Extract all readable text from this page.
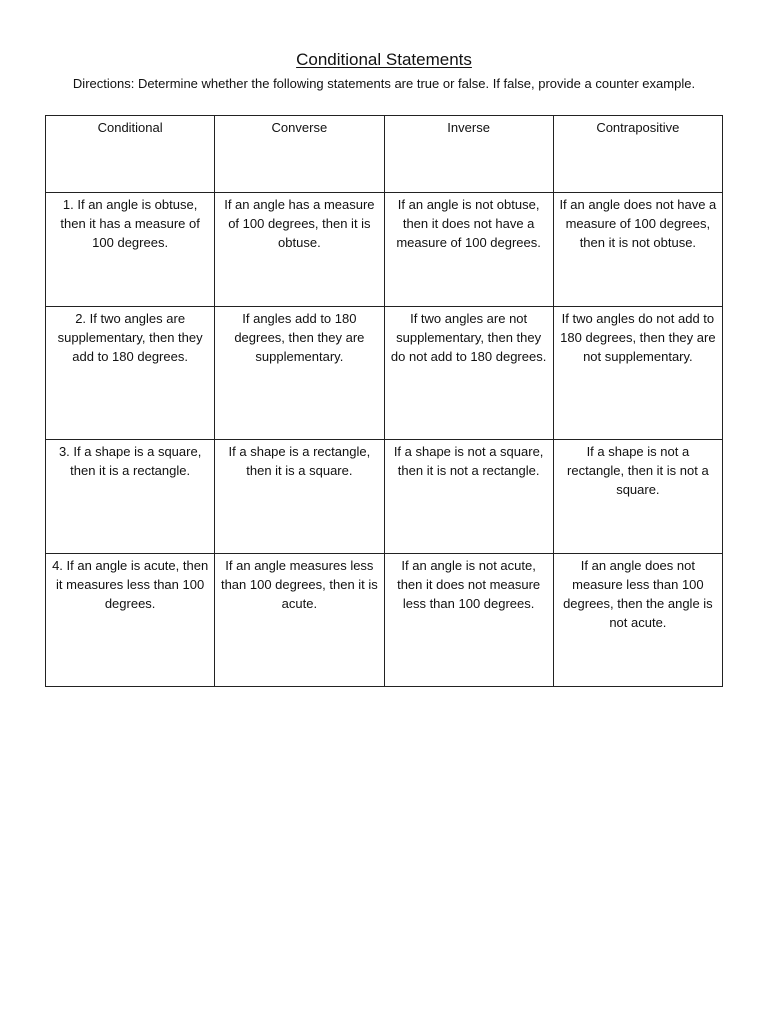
Conditional Statements
Directions: Determine whether the following statements are true or false. If false, provide a counter example.
Conditional	Converse	Inverse	Contrapositive
1. If an angle is obtuse, then it has a measure of 100 degrees.	If an angle has a measure of 100 degrees, then it is obtuse.	If an angle is not obtuse, then it does not have a measure of 100 degrees.	If an angle does not have a measure of 100 degrees, then it is not obtuse.
2. If two angles are supplementary, then they add to 180 degrees.	If angles add to 180 degrees, then they are supplementary.	If two angles are not supplementary, then they do not add to 180 degrees.	If two angles do not add to 180 degrees, then they are not supplementary.
3. If a shape is a square, then it is a rectangle.	If a shape is a rectangle, then it is a square.	If a shape is not a square, then it is not a rectangle.	If a shape is not a rectangle, then it is not a square.
4. If an angle is acute, then it measures less than 100 degrees.	If an angle measures less than 100 degrees, then it is acute.	If an angle is not acute, then it does not measure less than 100 degrees.	If an angle does not measure less than 100 degrees, then the angle is not acute.
